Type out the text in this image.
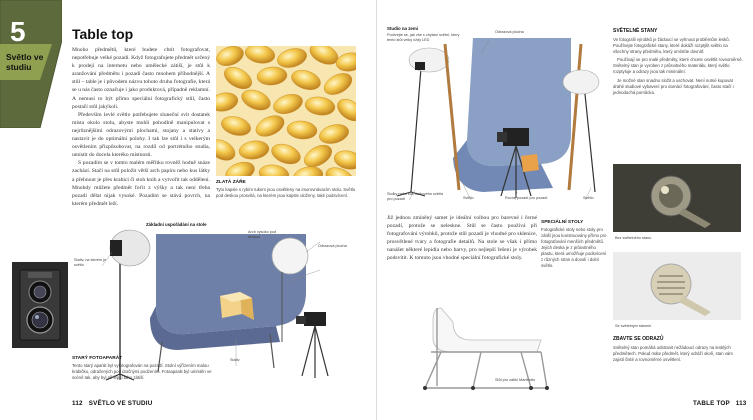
5
Světlo ve studiu
Table top

Mnoho předmětů, které budete chtít fotografovat, nepotřebuje velké pozadí. Když fotografujete předmět určený k prodeji na internetu nebo umělecké zátiší, je stůl k aranžování předmětu i pozadí často mnohem příhodnější. A stůl – table je i původem názvu tohoto druhu fotografie, která se u nás často označuje i jako produktová, případně reklamní. A nemusí to být přímo speciální fotografický stůl, často postačí stůl jakýkoli.

Především levlé světlo potřebujete sluneční svit dostatek místa okolo stolu, abyste mohli pohodlně manipulovat s nejrůznějšími odrazovými plochami, stojany a stativy a nastavit je do optimální polohy. I tak lze stůl i s velkerým osvětlením přizpůsobovat, na rozdíl od portrétního studia, umístit do docela kteréko místnosti.

S pozadím se v tomto malém měřítku rovněž hodně snáze zachází. Stačí na stůl položit větší arch papíru nebo kus látky a přehnout je přes krabici či stoh knih a vytvořit tak oddělení. Mnohdy můžete předmět foťit z výšky a tak není třeba pozadí dělat nijak vysoké. Pozadím se stává povrch, na kterém předmět leží.

ZLATÁ ZÁŘE
Tyto kapsle s rybím tukem jsou osvětleny na imorovnávacím stolu. Světlo pod deskou prosvítá, na kterém jsou kapsle uloženy, také podsvícení.
Základní uspořádání na stole
Arch vysoko pod deskou
Odrazová plocha
Stativ
Stativ, na kterém je světlo
STARÝ FOTOAPARÁT
Tento starý aparát byl vyfotografován na pozadí. Stolní výřízením malou krabičku, odražených pod útočnými podzením. Fotoaparát byl umístěn ve scéně tak, aby byl při lepší tahu zátiší.
112 SVĚTLO VE STUDIU
Studio na zemi
Podívejte se, jak vše s chytaní světel, který tento stůl velký vždy LED
Odrazová plocha
Stolky nebo kus rizikového světla pro pozadí	Světlo	Rovné pozadí pro pozadí	Světlo

Již jednou zmíněný samet je ideální volbou pro barevné i černé pozadí, protože se neleskne. Stůl se často používá při fotografování výrobků, protože stůl pozadí je vhodné pro sklenice, prosvětlené tvary a fotografie detailů. Na stole se však i přímo nanášet některé lepidla nebo barvy, pro nejlepší řešení je výrobek podsvítit. K tomuto jsou vhodné speciální fotografické stoly.

SPECIÁLNÍ STOLY
Fotografické stoly nebo stoly pro zátiší jsou konstruovány přímo pro fotografování menších předmětů. Jejich deska je z průsvitného plastu, která umožňuje podsvícení z různých stran a dovolí i dolní světlo.
Stůl pro zátiší Manfrotto
SVĚTELNÉ STANY

Ve fotografii výrobků je žádoucí se vyhnout problémům lesků. Používejte fotografické stany, které dokáží rozptýlit světlo na všechny strany předmětu, který umístíte dovnitř.

Používají se pro malé předměty, které chcete osvětlit rovnoměrně. Světelný stan je vyroben z průsvitného materiálu, který světlo rozptyluje a odrazy jsou tak minimální.

Je možné stan snadno složit a uschovat. Není nutné kupovat drahé studiové vybavení pro domácí fotografování, často stačí i jednoduchá pomůcka.

Bez světelného stanu
Se světelným stanem
ZBAVTE SE ODRAZŮ
Světelný stan pomáhá odstranit nežádoucí odrazy na lesklých předmětech. Pokud máte předmět, který odráží okolí, stan vám zajistí čisté a rovnoměrné osvětlení.
TABLE TOP 113
